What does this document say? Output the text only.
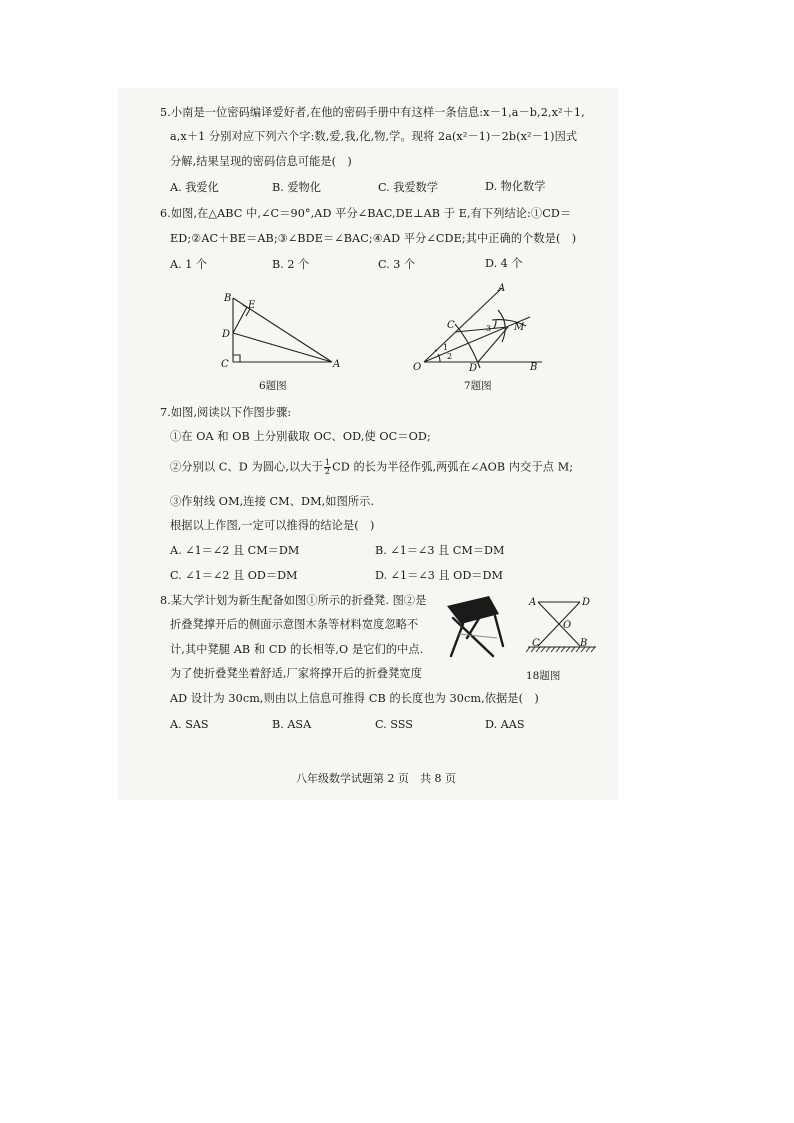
5.小南是一位密码编译爱好者,在他的密码手册中有这样一条信息:x－1,a－b,2,x²＋1,
a,x＋1 分别对应下列六个字:数,爱,我,化,物,学。现将 2a(x²－1)－2b(x²－1)因式
分解,结果呈现的密码信息可能是(　)
A. 我爱化	B. 爱物化	C. 我爱数学	D. 物化数学
6.如图,在△ABC 中,∠C＝90°,AD 平分∠BAC,DE⊥AB 于 E,有下列结论:①CD＝
ED;②AC＋BE＝AB;③∠BDE＝∠BAC;④AD 平分∠CDE;其中正确的个数是(　)
A. 1 个	B. 2 个	C. 3 个	D. 4 个
B
E
D
C	A
6题图
A
C	M
O	D	B
1
2
3
7题图
7.如图,阅读以下作图步骤:
①在 OA 和 OB 上分别截取 OC、OD,使 OC＝OD;
②分别以 C、D 为圆心,以大于 $\frac{1}{2}$ CD 的长为半径作弧,两弧在∠AOB 内交于点 M;
③作射线 OM,连接 CM、DM,如图所示.
根据以上作图,一定可以推得的结论是(　)
A. ∠1＝∠2 且 CM＝DM	B. ∠1＝∠3 且 CM＝DM
C. ∠1＝∠2 且 OD＝DM	D. ∠1＝∠3 且 OD＝DM
8.某大学计划为新生配备如图①所示的折叠凳. 图②是
折叠凳撑开后的侧面示意图木条等材料宽度忽略不
计,其中凳腿 AB 和 CD 的长相等,O 是它们的中点.
为了使折叠凳坐着舒适,厂家将撑开后的折叠凳宽度
AD 设计为 30cm,则由以上信息可推得 CB 的长度也为 30cm,依据是(　)
A. SAS	B. ASA	C. SSS	D. AAS
A	D
O
C	B
18题图
八年级数学试题第 2 页　共 8 页
